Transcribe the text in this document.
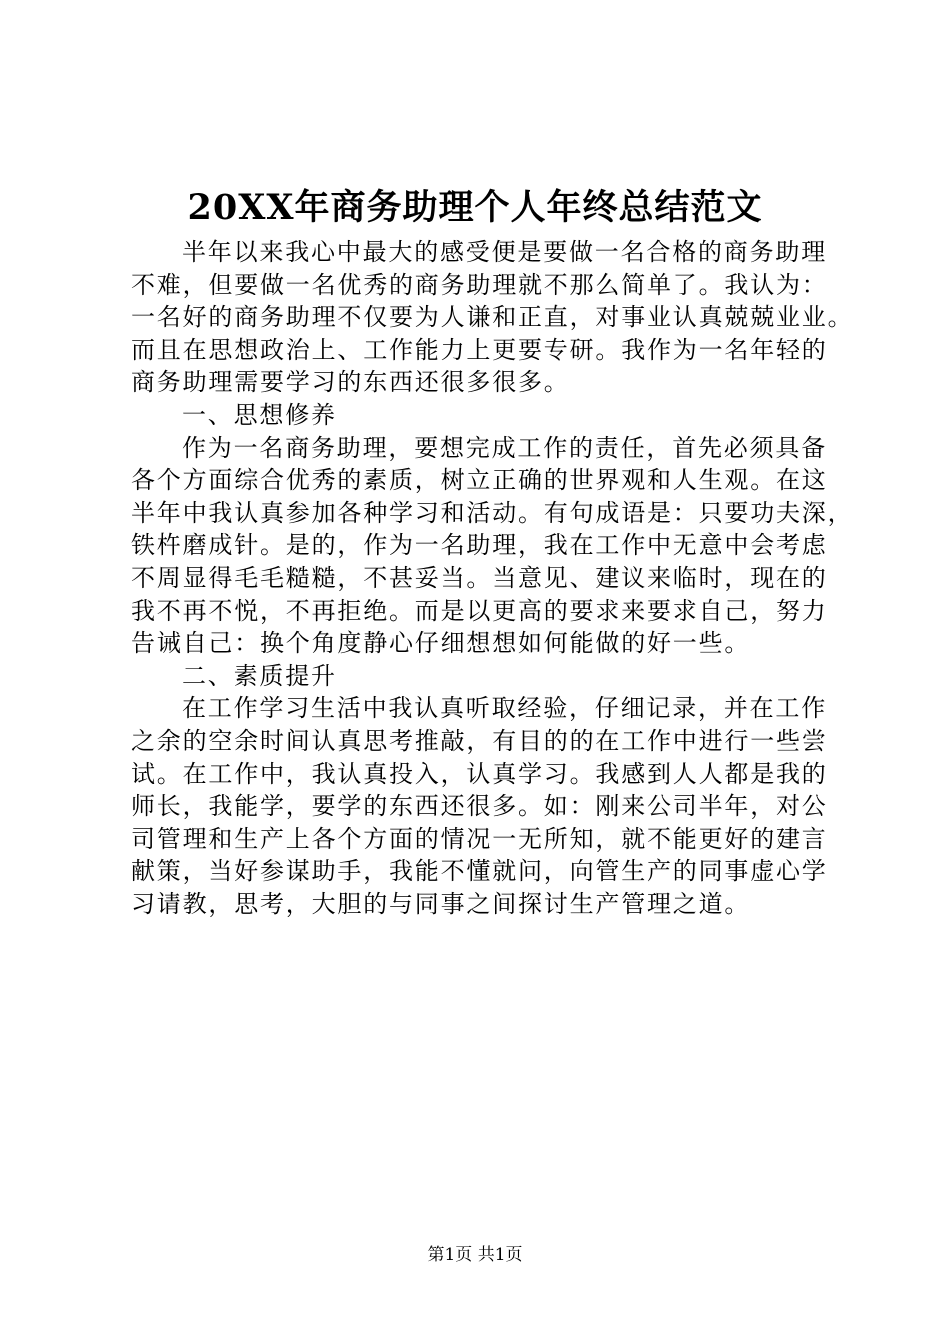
20XX年商务助理个人年终总结范文
半年以来我心中最大的感受便是要做一名合格的商务助理
不难，但要做一名优秀的商务助理就不那么简单了。我认为：
一名好的商务助理不仅要为人谦和正直，对事业认真兢兢业业。
而且在思想政治上、工作能力上更要专研。我作为一名年轻的
商务助理需要学习的东西还很多很多。
一、思想修养
作为一名商务助理，要想完成工作的责任，首先必须具备
各个方面综合优秀的素质，树立正确的世界观和人生观。在这
半年中我认真参加各种学习和活动。有句成语是：只要功夫深，
铁杵磨成针。是的，作为一名助理，我在工作中无意中会考虑
不周显得毛毛糙糙，不甚妥当。当意见、建议来临时，现在的
我不再不悦，不再拒绝。而是以更高的要求来要求自己，努力
告诫自己：换个角度静心仔细想想如何能做的好一些。
二、素质提升
在工作学习生活中我认真听取经验，仔细记录，并在工作
之余的空余时间认真思考推敲，有目的的在工作中进行一些尝
试。在工作中，我认真投入，认真学习。我感到人人都是我的
师长，我能学，要学的东西还很多。如：刚来公司半年，对公
司管理和生产上各个方面的情况一无所知，就不能更好的建言
献策，当好参谋助手，我能不懂就问，向管生产的同事虚心学
习请教，思考，大胆的与同事之间探讨生产管理之道。
第1页 共1页
